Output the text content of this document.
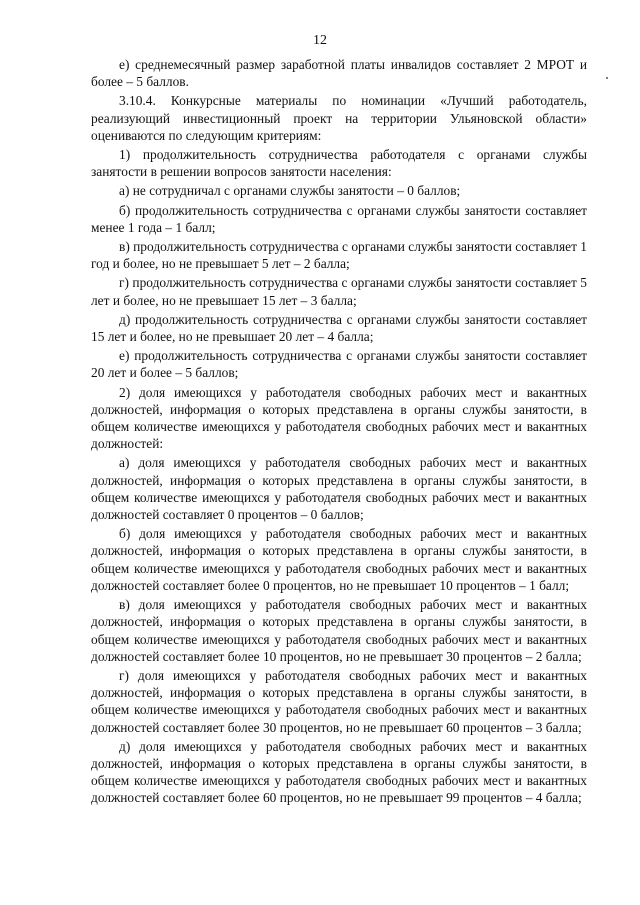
12

е) среднемесячный размер заработной платы инвалидов составляет 2 МРОТ и более – 5 баллов.

3.10.4. Конкурсные материалы по номинации «Лучший работодатель, реализующий инвестиционный проект на территории Ульяновской области» оцениваются по следующим критериям:

1) продолжительность сотрудничества работодателя с органами службы занятости в решении вопросов занятости населения:

а) не сотрудничал с органами службы занятости – 0 баллов;

б) продолжительность сотрудничества с органами службы занятости составляет менее 1 года – 1 балл;

в) продолжительность сотрудничества с органами службы занятости составляет 1 год и более, но не превышает 5 лет – 2 балла;

г) продолжительность сотрудничества с органами службы занятости составляет 5 лет и более, но не превышает 15 лет – 3 балла;

д) продолжительность сотрудничества с органами службы занятости составляет 15 лет и более, но не превышает 20 лет – 4 балла;

е) продолжительность сотрудничества с органами службы занятости составляет 20 лет и более – 5 баллов;

2) доля имеющихся у работодателя свободных рабочих мест и вакантных должностей, информация о которых представлена в органы службы занятости, в общем количестве имеющихся у работодателя свободных рабочих мест и вакантных должностей:

а) доля имеющихся у работодателя свободных рабочих мест и вакантных должностей, информация о которых представлена в органы службы занятости, в общем количестве имеющихся у работодателя свободных рабочих мест и вакантных должностей составляет 0 процентов – 0 баллов;

б) доля имеющихся у работодателя свободных рабочих мест и вакантных должностей, информация о которых представлена в органы службы занятости, в общем количестве имеющихся у работодателя свободных рабочих мест и вакантных должностей составляет более 0 процентов, но не превышает 10 процентов – 1 балл;

в) доля имеющихся у работодателя свободных рабочих мест и вакантных должностей, информация о которых представлена в органы службы занятости, в общем количестве имеющихся у работодателя свободных рабочих мест и вакантных должностей составляет более 10 процентов, но не превышает 30 процентов – 2 балла;

г) доля имеющихся у работодателя свободных рабочих мест и вакантных должностей, информация о которых представлена в органы службы занятости, в общем количестве имеющихся у работодателя свободных рабочих мест и вакантных должностей составляет более 30 процентов, но не превышает 60 процентов – 3 балла;

д) доля имеющихся у работодателя свободных рабочих мест и вакантных должностей, информация о которых представлена в органы службы занятости, в общем количестве имеющихся у работодателя свободных рабочих мест и вакантных должностей составляет более 60 процентов, но не превышает 99 процентов – 4 балла;
